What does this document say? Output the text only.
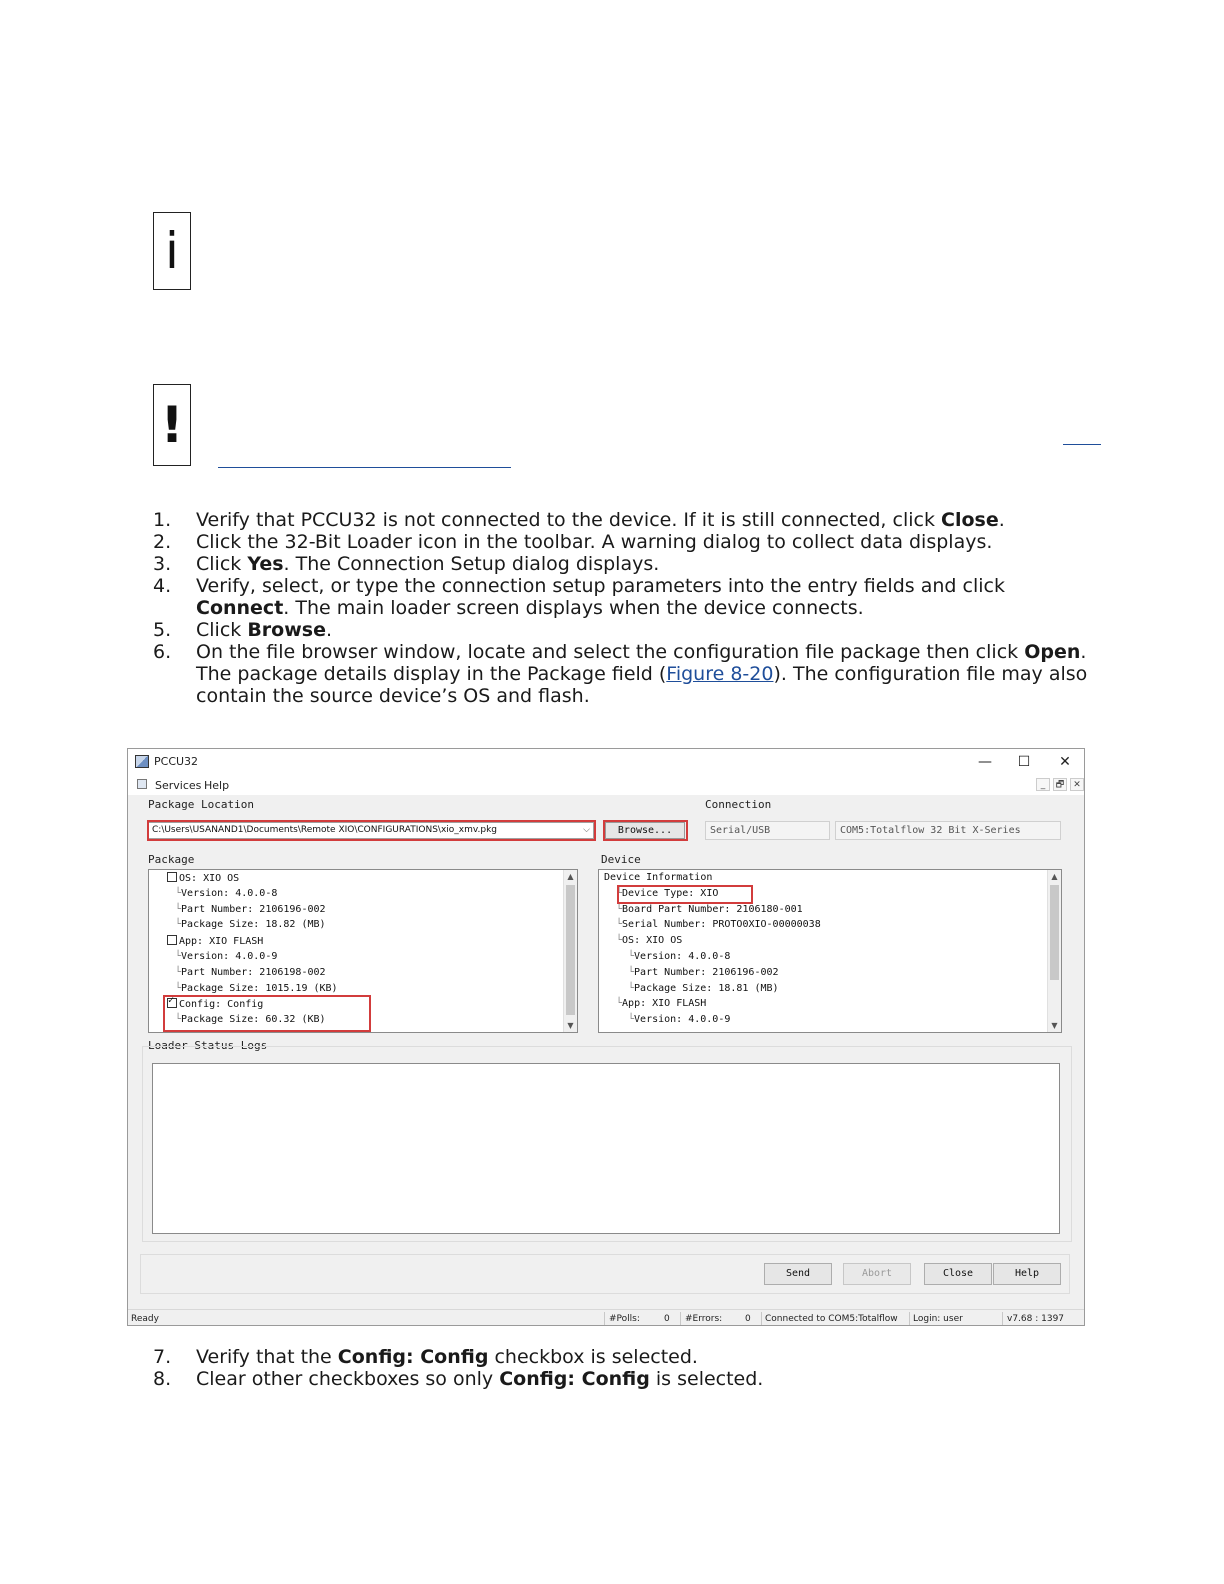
i
!
1.	Verify that PCCU32 is not connected to the device. If it is still connected, click Close.
2.	Click the 32-Bit Loader icon in the toolbar. A warning dialog to collect data displays.
3.	Click Yes. The Connection Setup dialog displays.
4.	Verify, select, or type the connection setup parameters into the entry fields and click Connect. The main loader screen displays when the device connects.
5.	Click Browse.
6.	On the file browser window, locate and select the configuration file package then click Open. The package details display in the Package field (Figure 8-20). The configuration file may also contain the source device’s OS and flash.
7.	Verify that the Config: Config checkbox is selected.
8.	Clear other checkboxes so only Config: Config is selected.
PCCU32	—	☐	✕
Services Help	_	🗗	✕
Package Location	Connection
C:\Users\USANAND1\Documents\Remote XIO\CONFIGURATIONS\xio_xmv.pkg	⌵	Browse...	Serial/USB	COM5:Totalflow 32 Bit X-Series
Package	Device
▲
▼
OS: XIO OS
└Version: 4.0.0-8
└Part Number: 2106196-002
└Package Size: 18.82 (MB)
App: XIO FLASH
└Version: 4.0.0-9
└Part Number: 2106198-002
└Package Size: 1015.19 (KB)
✓Config: Config
└Package Size: 60.32 (KB)
▲
▼
Device Information
└Device Type: XIO
└Board Part Number: 2106180-001
└Serial Number: PROTO0XIO-00000038
└OS: XIO OS
└Version: 4.0.0-8
└Part Number: 2106196-002
└Package Size: 18.81 (MB)
└App: XIO FLASH
└Version: 4.0.0-9
Loader Status Logs
Send	Abort	Close	Help
Ready	#Polls:	0 #Errors:	0 Connected to COM5:Totalflow Login: user	v7.68 : 1397
